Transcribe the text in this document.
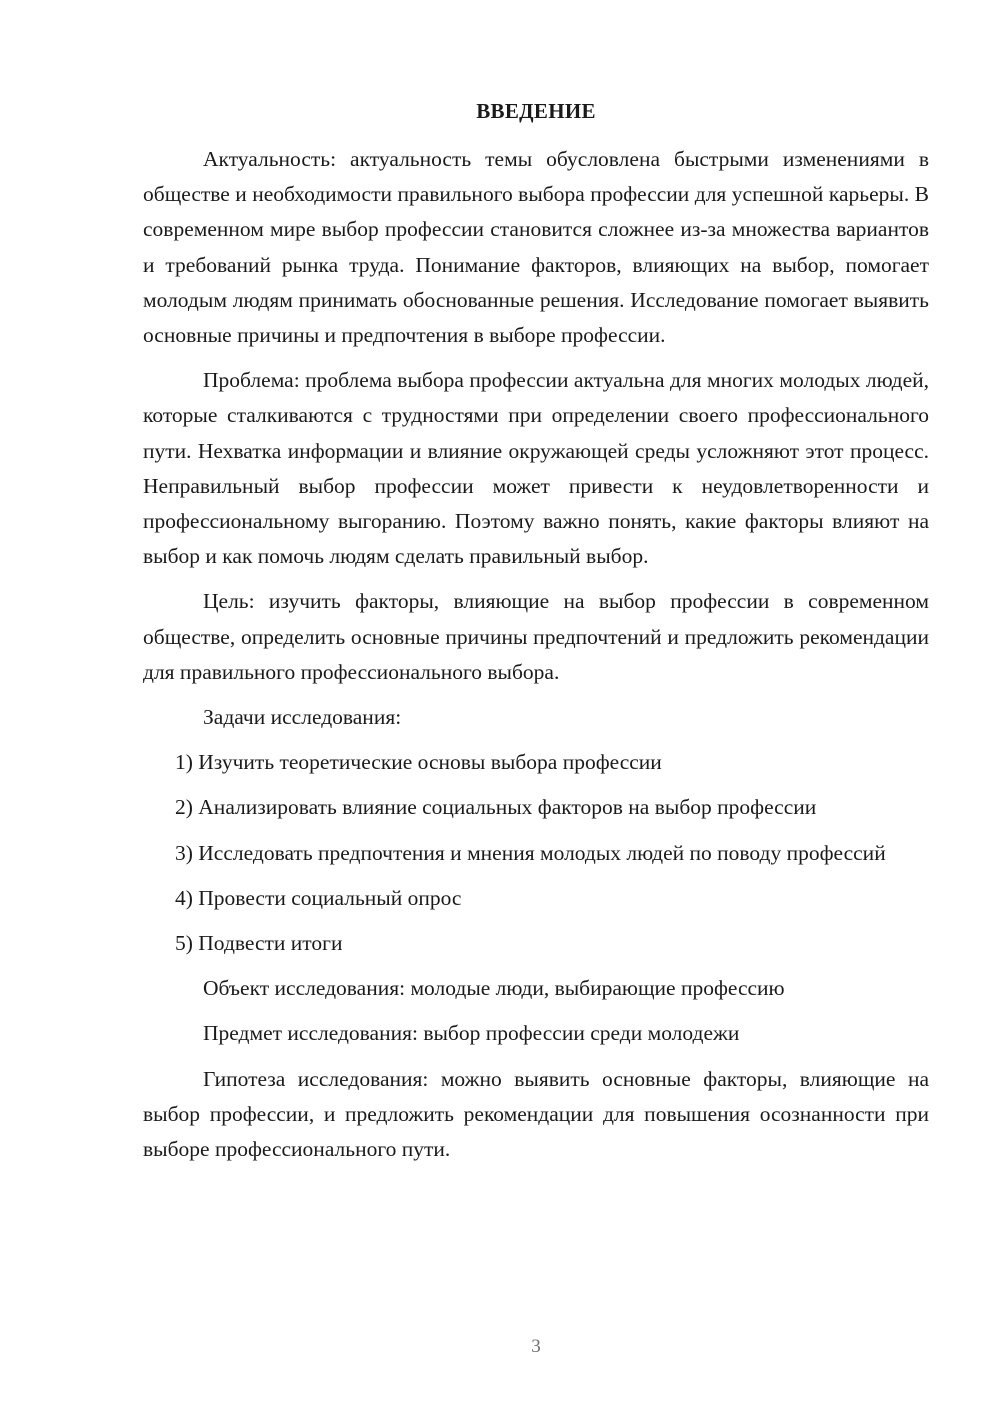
ВВЕДЕНИЕ

Актуальность: актуальность темы обусловлена быстрыми изменениями в обществе и необходимости правильного выбора профессии для успешной карьеры. В современном мире выбор профессии становится сложнее из-за множества вариантов и требований рынка труда. Понимание факторов, влияющих на выбор, помогает молодым людям принимать обоснованные решения. Исследование помогает выявить основные причины и предпочтения в выборе профессии.

Проблема: проблема выбора профессии актуальна для многих молодых людей, которые сталкиваются с трудностями при определении своего профессионального пути. Нехватка информации и влияние окружающей среды усложняют этот процесс. Неправильный выбор профессии может привести к неудовлетворенности и профессиональному выгоранию. Поэтому важно понять, какие факторы влияют на выбор и как помочь людям сделать правильный выбор.

Цель: изучить факторы, влияющие на выбор профессии в современном обществе, определить основные причины предпочтений и предложить рекомендации для правильного профессионального выбора.

Задачи исследования:

1) Изучить теоретические основы выбора профессии

2) Анализировать влияние социальных факторов на выбор профессии

3) Исследовать предпочтения и мнения молодых людей по поводу профессий

4) Провести социальный опрос

5) Подвести итоги

Объект исследования: молодые люди, выбирающие профессию

Предмет исследования: выбор профессии среди молодежи

Гипотеза исследования: можно выявить основные факторы, влияющие на выбор профессии, и предложить рекомендации для повышения осознанности при выборе профессионального пути.

3
